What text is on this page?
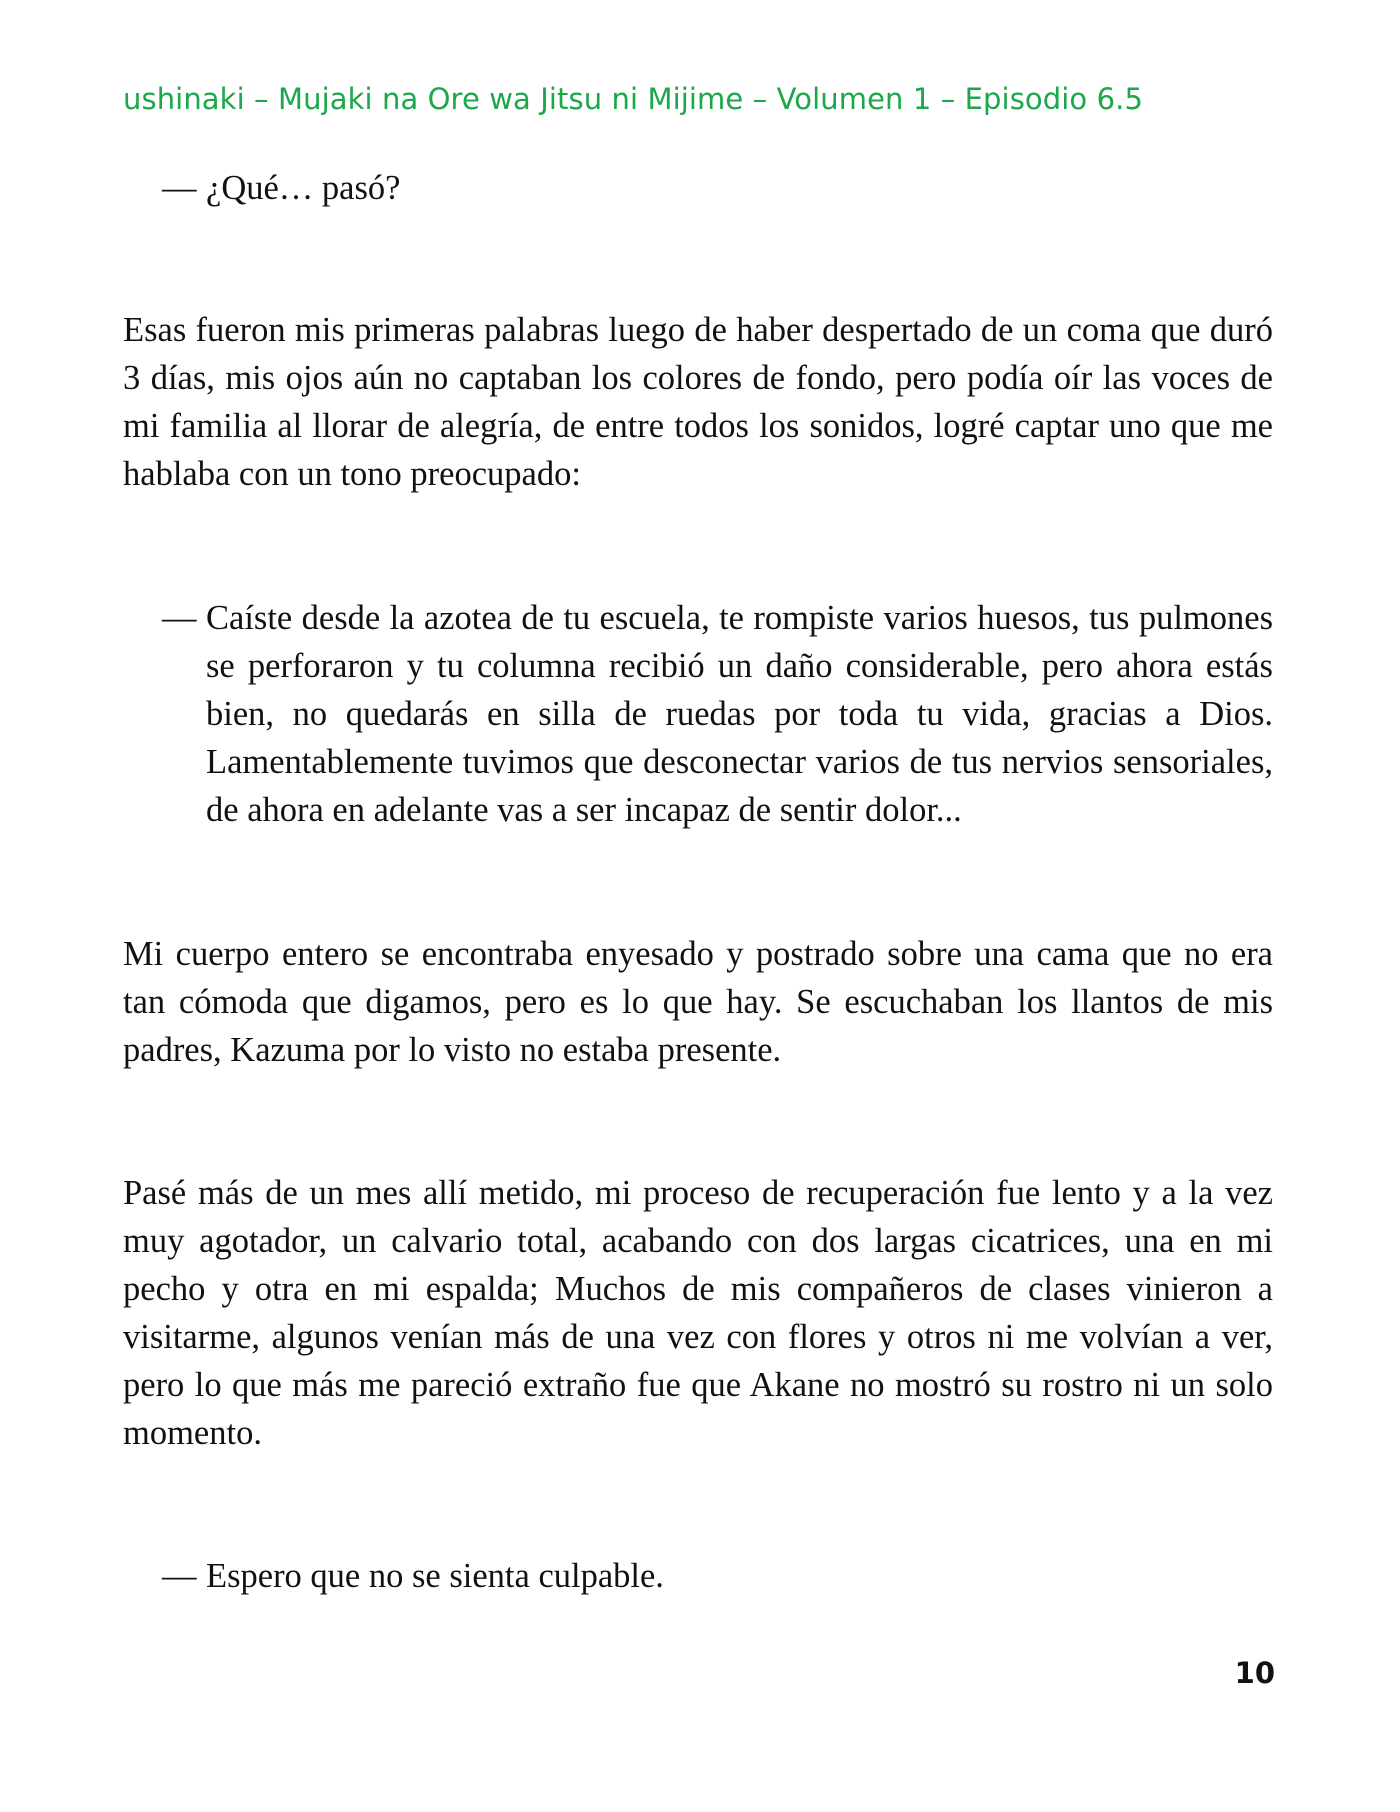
ushinaki – Mujaki na Ore wa Jitsu ni Mijime – Volumen 1 – Episodio 6.5
— ¿Qué… pasó?

Esas fueron mis primeras palabras luego de haber despertado de un coma que duró 3 días, mis ojos aún no captaban los colores de fondo, pero podía oír las voces de mi familia al llorar de alegría, de entre todos los sonidos, logré captar uno que me hablaba con un tono preocupado:

— Caíste desde la azotea de tu escuela, te rompiste varios huesos, tus pulmones se perforaron y tu columna recibió un daño considerable, pero ahora estás bien, no quedarás en silla de ruedas por toda tu vida, gracias a Dios. Lamentablemente tuvimos que desconectar varios de tus nervios sensoriales, de ahora en adelante vas a ser incapaz de sentir dolor...

Mi cuerpo entero se encontraba enyesado y postrado sobre una cama que no era tan cómoda que digamos, pero es lo que hay. Se escuchaban los llantos de mis padres, Kazuma por lo visto no estaba presente.

Pasé más de un mes allí metido, mi proceso de recuperación fue lento y a la vez muy agotador, un calvario total, acabando con dos largas cicatrices, una en mi pecho y otra en mi espalda; Muchos de mis compañeros de clases vinieron a visitarme, algunos venían más de una vez con flores y otros ni me volvían a ver, pero lo que más me pareció extraño fue que Akane no mostró su rostro ni un solo momento.

— Espero que no se sienta culpable.
10
